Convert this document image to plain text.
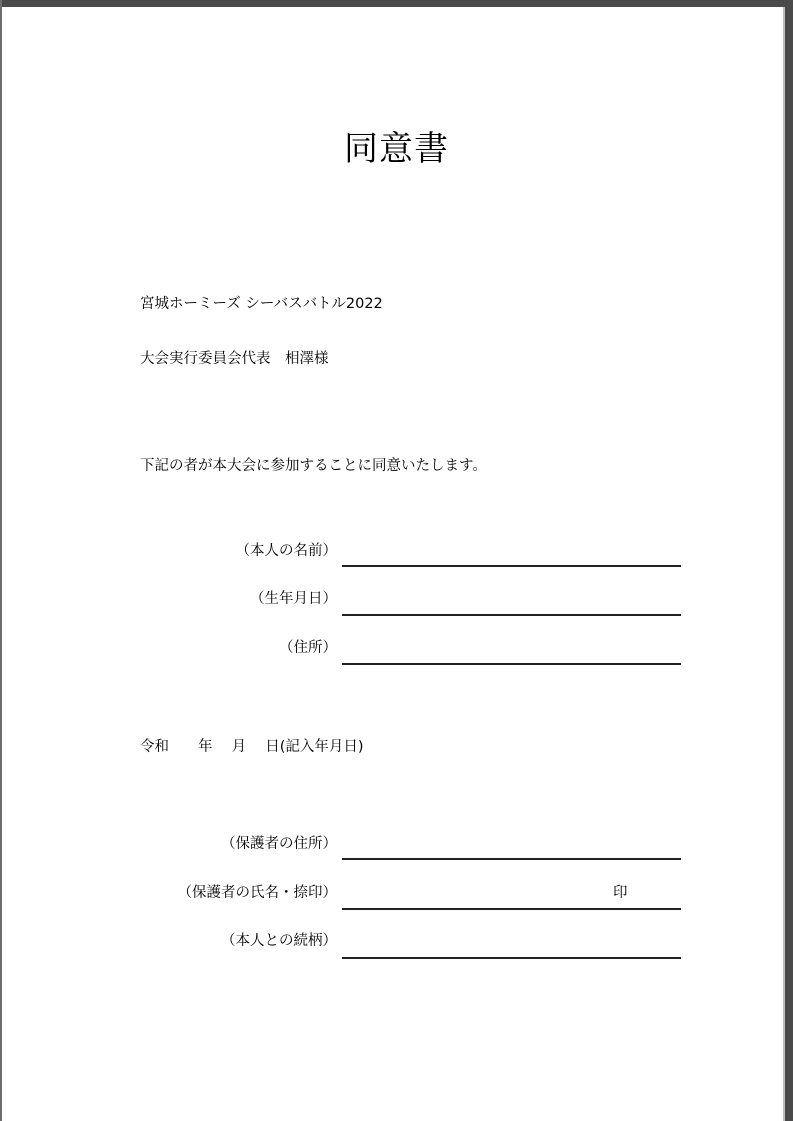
同意書
宮城ホーミーズ シーバスバトル2022
大会実行委員会代表　相澤様
下記の者が本大会に参加することに同意いたします。
（本人の名前）
（生年月日）
（住所）
令和　　年　 月　 日(記入年月日)
（保護者の住所）
（保護者の氏名・捺印）	印
（本人との続柄）
